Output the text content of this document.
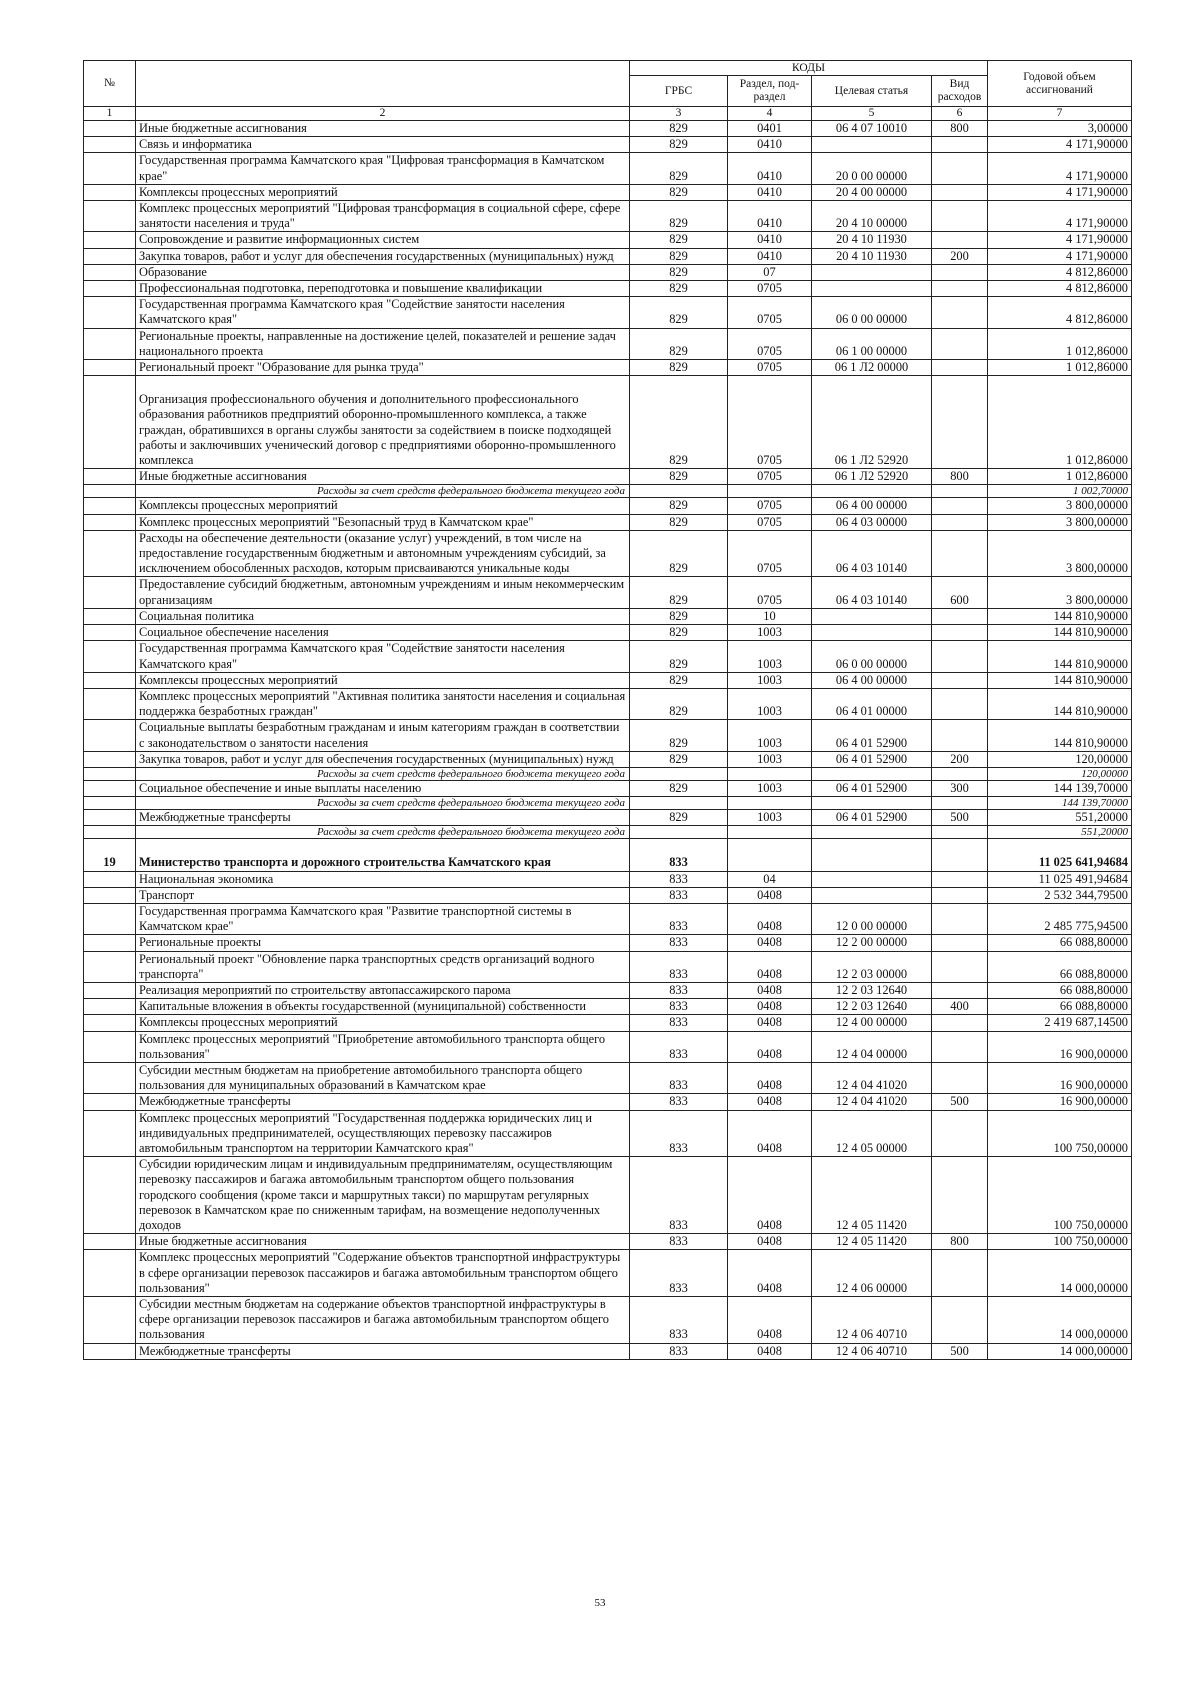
№		КОДЫ				Годовой объем ассигнований
		ГРБС	Раздел, под-раздел	Целевая статья	Вид расходов	
1	2	3	4	5	6	7
	Иные бюджетные ассигнования	829	0401	06 4 07 10010	800	3,00000
	Связь и информатика	829	0410			4 171,90000
	Государственная программа Камчатского края "Цифровая трансформация в Камчатском крае"	829	0410	20 0 00 00000		4 171,90000
	Комплексы процессных мероприятий	829	0410	20 4 00 00000		4 171,90000
	Комплекс процессных мероприятий "Цифровая трансформация в социальной сфере, сфере занятости населения и труда"	829	0410	20 4 10 00000		4 171,90000
	Сопровождение и развитие информационных систем	829	0410	20 4 10 11930		4 171,90000
	Закупка товаров, работ и услуг для обеспечения государственных (муниципальных) нужд	829	0410	20 4 10 11930	200	4 171,90000
	Образование	829	07			4 812,86000
	Профессиональная подготовка, переподготовка и повышение квалификации	829	0705			4 812,86000
	Государственная программа Камчатского края "Содействие занятости населения Камчатского края"	829	0705	06 0 00 00000		4 812,86000
	Региональные проекты, направленные на достижение целей, показателей и решение задач национального проекта	829	0705	06 1 00 00000		1 012,86000
	Региональный проект "Образование для рынка труда"	829	0705	06 1 Л2 00000		1 012,86000
	Организация профессионального обучения и дополнительного профессионального образования работников предприятий оборонно-промышленного комплекса, а также граждан, обратившихся в органы службы занятости за содействием в поиске подходящей работы и заключивших ученический договор с предприятиями оборонно-промышленного комплекса	829	0705	06 1 Л2 52920		1 012,86000
	Иные бюджетные ассигнования	829	0705	06 1 Л2 52920	800	1 012,86000
	Расходы за счет средств федерального бюджета текущего года					1 002,70000
	Комплексы процессных мероприятий	829	0705	06 4 00 00000		3 800,00000
	Комплекс процессных мероприятий "Безопасный труд в Камчатском крае"	829	0705	06 4 03 00000		3 800,00000
	Расходы на обеспечение деятельности (оказание услуг) учреждений, в том числе на предоставление государственным бюджетным и автономным учреждениям субсидий, за исключением обособленных расходов, которым присваиваются уникальные коды	829	0705	06 4 03 10140		3 800,00000
	Предоставление субсидий бюджетным, автономным учреждениям и иным некоммерческим организациям	829	0705	06 4 03 10140	600	3 800,00000
	Социальная политика	829	10			144 810,90000
	Социальное обеспечение населения	829	1003			144 810,90000
	Государственная программа Камчатского края "Содействие занятости населения Камчатского края"	829	1003	06 0 00 00000		144 810,90000
	Комплексы процессных мероприятий	829	1003	06 4 00 00000		144 810,90000
	Комплекс процессных мероприятий "Активная политика занятости населения и социальная поддержка безработных граждан"	829	1003	06 4 01 00000		144 810,90000
	Социальные выплаты безработным гражданам и иным категориям граждан в соответствии с законодательством о занятости населения	829	1003	06 4 01 52900		144 810,90000
	Закупка товаров, работ и услуг для обеспечения государственных (муниципальных) нужд	829	1003	06 4 01 52900	200	120,00000
	Расходы за счет средств федерального бюджета текущего года					120,00000
	Социальное обеспечение и иные выплаты населению	829	1003	06 4 01 52900	300	144 139,70000
	Расходы за счет средств федерального бюджета текущего года					144 139,70000
	Межбюджетные трансферты	829	1003	06 4 01 52900	500	551,20000
	Расходы за счет средств федерального бюджета текущего года					551,20000
19	Министерство транспорта и дорожного строительства Камчатского края	833				11 025 641,94684
	Национальная экономика	833	04			11 025 491,94684
	Транспорт	833	0408			2 532 344,79500
	Государственная программа Камчатского края "Развитие транспортной системы в Камчатском крае"	833	0408	12 0 00 00000		2 485 775,94500
	Региональные проекты	833	0408	12 2 00 00000		66 088,80000
	Региональный проект "Обновление парка транспортных средств организаций водного транспорта"	833	0408	12 2 03 00000		66 088,80000
	Реализация мероприятий по строительству автопассажирского парома	833	0408	12 2 03 12640		66 088,80000
	Капитальные вложения в объекты государственной (муниципальной) собственности	833	0408	12 2 03 12640	400	66 088,80000
	Комплексы процессных мероприятий	833	0408	12 4 00 00000		2 419 687,14500
	Комплекс процессных мероприятий "Приобретение автомобильного транспорта общего пользования"	833	0408	12 4 04 00000		16 900,00000
	Субсидии местным бюджетам на приобретение автомобильного транспорта общего пользования для муниципальных образований в Камчатском крае	833	0408	12 4 04 41020		16 900,00000
	Межбюджетные трансферты	833	0408	12 4 04 41020	500	16 900,00000
	Комплекс процессных мероприятий "Государственная поддержка юридических лиц и индивидуальных предпринимателей, осуществляющих перевозку пассажиров автомобильным транспортом на территории Камчатского края"	833	0408	12 4 05 00000		100 750,00000
	Субсидии юридическим лицам и индивидуальным предпринимателям, осуществляющим перевозку пассажиров и багажа автомобильным транспортом общего пользования городского сообщения (кроме такси и маршрутных такси) по маршрутам регулярных перевозок в Камчатском крае по сниженным тарифам, на возмещение недополученных доходов	833	0408	12 4 05 11420		100 750,00000
	Иные бюджетные ассигнования	833	0408	12 4 05 11420	800	100 750,00000
	Комплекс процессных мероприятий "Содержание объектов транспортной инфраструктуры в сфере организации перевозок пассажиров и багажа автомобильным транспортом общего пользования"	833	0408	12 4 06 00000		14 000,00000
	Субсидии местным бюджетам на содержание объектов транспортной инфраструктуры в сфере организации перевозок пассажиров и багажа автомобильным транспортом общего пользования	833	0408	12 4 06 40710		14 000,00000
	Межбюджетные трансферты	833	0408	12 4 06 40710	500	14 000,00000
53
